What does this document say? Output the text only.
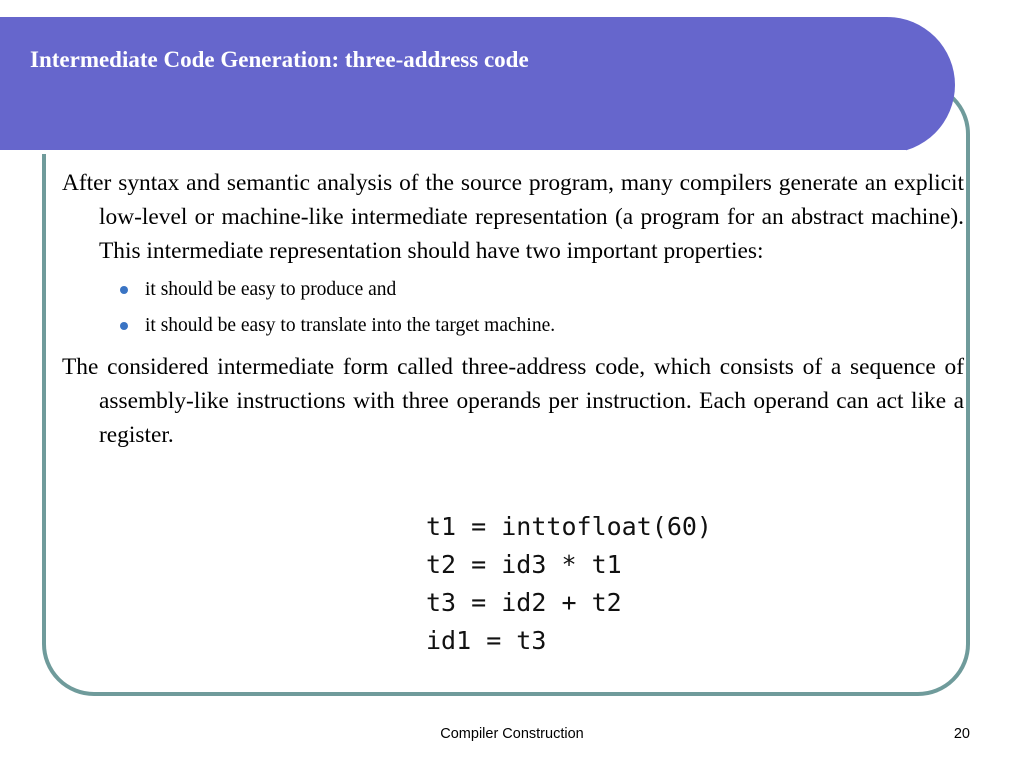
Intermediate Code Generation: three-address code

After syntax and semantic analysis of the source program, many compilers generate an explicit low-level or machine-like intermediate representation (a program for an abstract machine). This intermediate representation should have two important properties:

it should be easy to produce and
it should be easy to translate into the target machine.

The considered intermediate form called three-address code, which consists of a sequence of assembly-like instructions with three operands per instruction. Each operand can act like a register.

t1 = inttofloat(60)
t2 = id3 * t1
t3 = id2 + t2
id1 = t3
Compiler Construction	20
